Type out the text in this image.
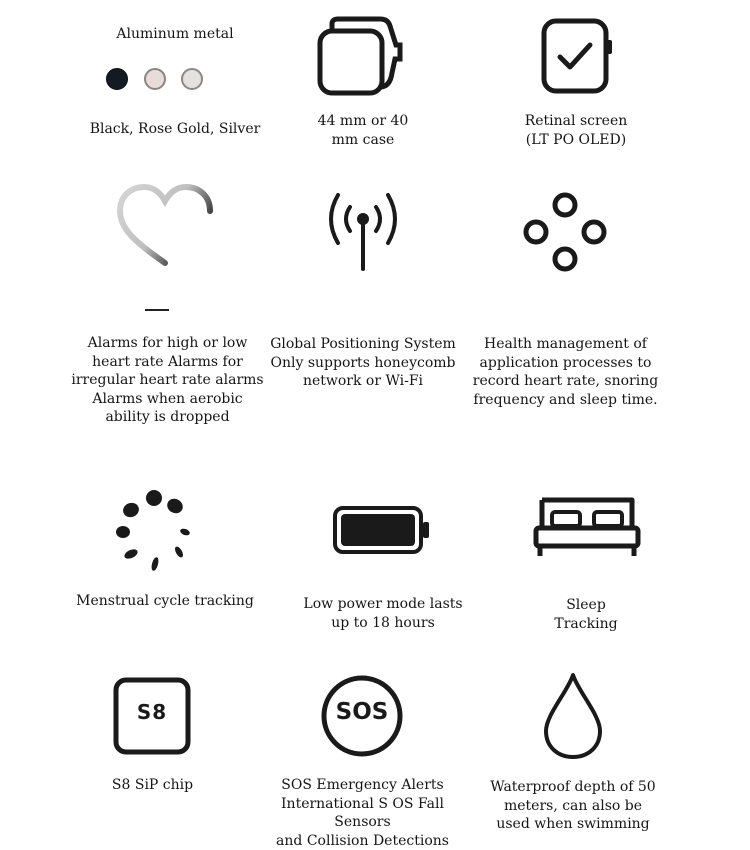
Aluminum metal
Black, Rose Gold, Silver	44 mm or 40
mm case
Retinal screen
(LT PO OLED)
Alarms for high or low
heart rate Alarms for
irregular heart rate alarms
Alarms when aerobic
ability is dropped
Global Positioning System
Only supports honeycomb
network or Wi-Fi
Health management of
application processes to
record heart rate, snoring
frequency and sleep time.
Menstrual cycle tracking	Low power mode lasts
up to 18 hours
Sleep
Tracking
S8
S8 SiP chip
SOS
SOS Emergency Alerts
International S OS Fall Sensors
and Collision Detections
Waterproof depth of 50
meters, can also be
used when swimming
